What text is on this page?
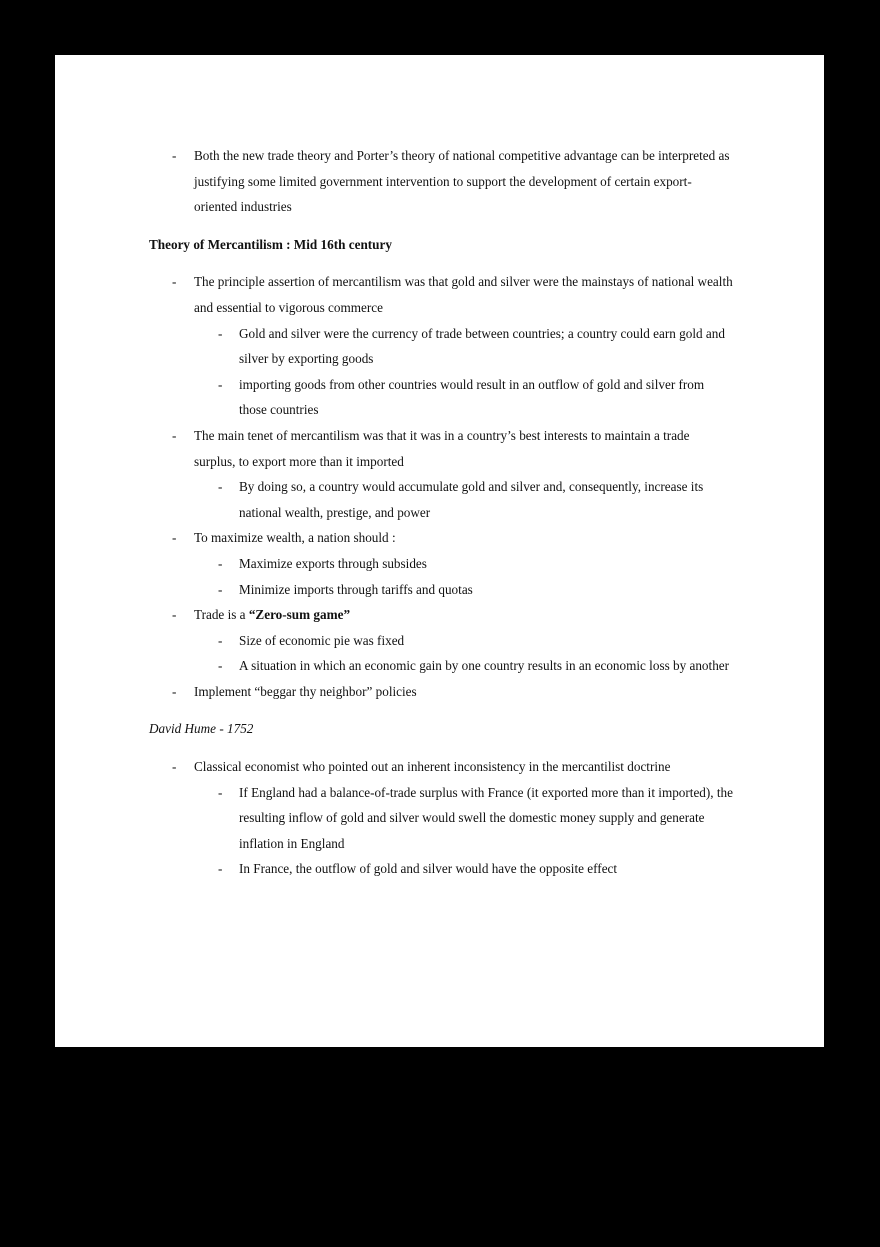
-	Both the new trade theory and Porter’s theory of national competitive advantage can be interpreted as justifying some limited government intervention to support the development of certain export-oriented industries
Theory of Mercantilism : Mid 16th century
-	The principle assertion of mercantilism was that gold and silver were the mainstays of national wealth and essential to vigorous commerce
-	Gold and silver were the currency of trade between countries; a country could earn gold and silver by exporting goods
-	importing goods from other countries would result in an outflow of gold and silver from those countries
-	The main tenet of mercantilism was that it was in a country’s best interests to maintain a trade surplus, to export more than it imported
-	By doing so, a country would accumulate gold and silver and, consequently, increase its national wealth, prestige, and power
-	To maximize wealth, a nation should :
-	Maximize exports through subsides
-	Minimize imports through tariffs and quotas
-	Trade is a “Zero-sum game”
-	Size of economic pie was fixed
-	A situation in which an economic gain by one country results in an economic loss by another
-	Implement “beggar thy neighbor” policies
David Hume - 1752
-	Classical economist who pointed out an inherent inconsistency in the mercantilist doctrine
-	If England had a balance-of-trade surplus with France (it exported more than it imported), the resulting inflow of gold and silver would swell the domestic money supply and generate inflation in England
-	In France, the outflow of gold and silver would have the opposite effect
